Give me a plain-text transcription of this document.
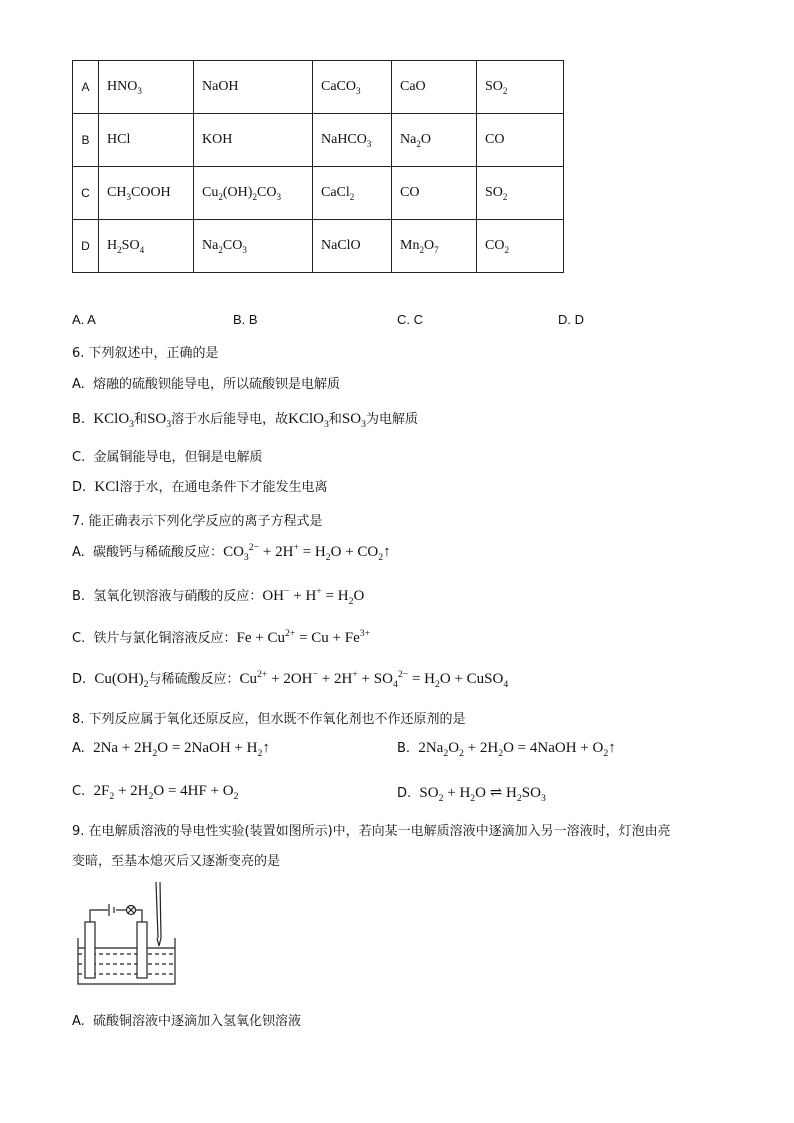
A	$HNO_3$	NaOH	CaCO$_3$	CaO	$SO_2$
B	HCl	KOH	NaHCO$_3$	$Na_2O$	CO
C	$CH_3COOH$	$Cu_2(OH)_2CO_3$	CaCl$_2$	CO	$SO_2$
D	$H_2SO_4$	$Na_2CO_3$	NaClO	$Mn_2O_7$	$CO_2$
A. A	B. B	C. C	D. D
6. 下列叙述中，正确的是
A.  熔融的硫酸钡能导电，所以硫酸钡是电解质
B.  KClO$_3$和$SO_3$溶于水后能导电，故KClO$_3$和$SO_3$为电解质
C.  金属铜能导电，但铜是电解质
D.  KCl溶于水，在通电条件下才能发生电离
7. 能正确表示下列化学反应的离子方程式是
A.  碳酸钙与稀硫酸反应：$CO_3^{2-} + 2H^+ = H_2O$ + $CO_2↑$
B.  氢氧化钡溶液与硝酸的反应：$OH^- + H^+ = H_2O$
C.  铁片与氯化铜溶液反应：$Fe + Cu^{2+} = Cu + Fe^{3+}$
D.  $Cu(OH)_2$与稀硫酸反应：$Cu^{2+} + 2OH^- + 2H^+ + SO_4^{2-} = H_2O$ + CuSO$_4$
8. 下列反应属于氧化还原反应，但水既不作氧化剂也不作还原剂的是
A.  $2Na + 2H_2O$ = 2NaOH + $H_2↑$	B.  $2Na_2O_2 + 2H_2O$ = 4NaOH + $O_2↑$
C.  $2F_2 + 2H_2O = 4HF + O_2$	D.  $SO_2 + H_2O$ ⇌ $H_2SO_3$
9. 在电解质溶液的导电性实验(装置如图所示)中，若向某一电解质溶液中逐滴加入另一溶液时，灯泡由亮
变暗，至基本熄灭后又逐渐变亮的是
A.  硫酸铜溶液中逐滴加入氢氧化钡溶液
